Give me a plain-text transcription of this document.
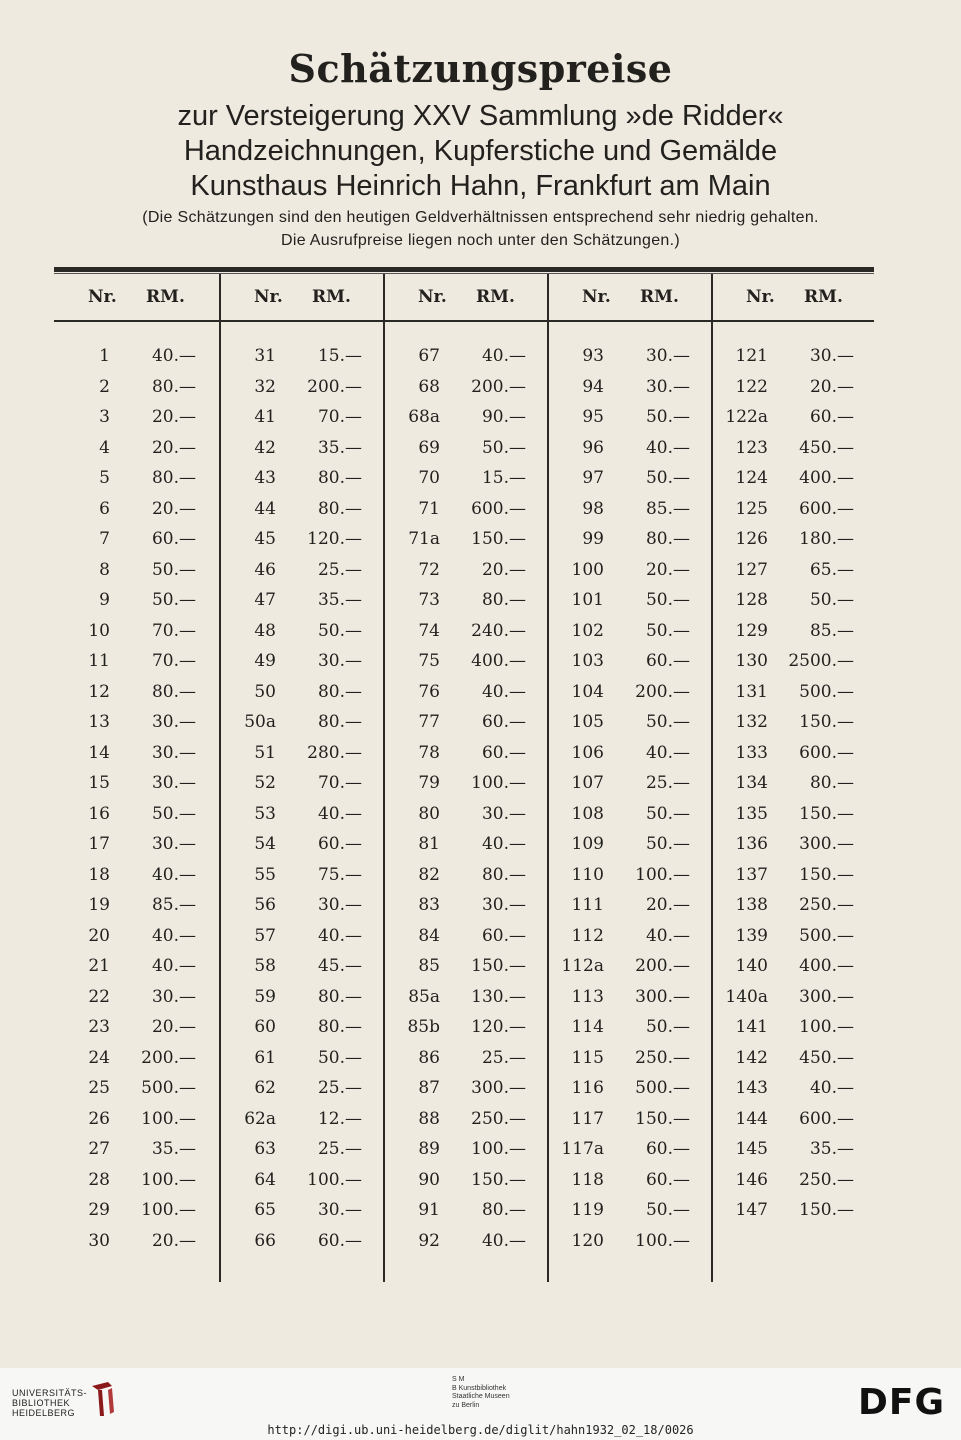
Schätzungspreise
zur Versteigerung XXV Sammlung »de Ridder«
Handzeichnungen, Kupferstiche und Gemälde
Kunsthaus Heinrich Hahn, Frankfurt am Main
(Die Schätzungen sind den heutigen Geldverhältnissen entsprechend sehr niedrig gehalten.
Die Ausrufpreise liegen noch unter den Schätzungen.)
Nr. RM.
1 40.—
2 80.—
3 20.—
4 20.—
5 80.—
6 20.—
7 60.—
8 50.—
9 50.—
10 70.—
11 70.—
12 80.—
13 30.—
14 30.—
15 30.—
16 50.—
17 30.—
18 40.—
19 85.—
20 40.—
21 40.—
22 30.—
23 20.—
24 200.—
25 500.—
26 100.—
27 35.—
28 100.—
29 100.—
30 20.—
Nr. RM.
31 15.—
32 200.—
41 70.—
42 35.—
43 80.—
44 80.—
45 120.—
46 25.—
47 35.—
48 50.—
49 30.—
50 80.—
50a 80.—
51 280.—
52 70.—
53 40.—
54 60.—
55 75.—
56 30.—
57 40.—
58 45.—
59 80.—
60 80.—
61 50.—
62 25.—
62a 12.—
63 25.—
64 100.—
65 30.—
66 60.—
Nr. RM.
67 40.—
68 200.—
68a 90.—
69 50.—
70 15.—
71 600.—
71a 150.—
72 20.—
73 80.—
74 240.—
75 400.—
76 40.—
77 60.—
78 60.—
79 100.—
80 30.—
81 40.—
82 80.—
83 30.—
84 60.—
85 150.—
85a 130.—
85b 120.—
86 25.—
87 300.—
88 250.—
89 100.—
90 150.—
91 80.—
92 40.—
Nr. RM.
93 30.—
94 30.—
95 50.—
96 40.—
97 50.—
98 85.—
99 80.—
100 20.—
101 50.—
102 50.—
103 60.—
104 200.—
105 50.—
106 40.—
107 25.—
108 50.—
109 50.—
110 100.—
111 20.—
112 40.—
112a 200.—
113 300.—
114 50.—
115 250.—
116 500.—
117 150.—
117a 60.—
118 60.—
119 50.—
120 100.—
Nr. RM.
121 30.—
122 20.—
122a 60.—
123 450.—
124 400.—
125 600.—
126 180.—
127 65.—
128 50.—
129 85.—
130 2500.—
131 500.—
132 150.—
133 600.—
134 80.—
135 150.—
136 300.—
137 150.—
138 250.—
139 500.—
140 400.—
140a 300.—
141 100.—
142 450.—
143 40.—
144 600.—
145 35.—
146 250.—
147 150.—
UNIVERSITÄTS-
BIBLIOTHEK
HEIDELBERG
S M
B Kunstbibliothek
Staatliche Museen
zu Berlin	DFG
http://digi.ub.uni-heidelberg.de/diglit/hahn1932_02_18/0026
